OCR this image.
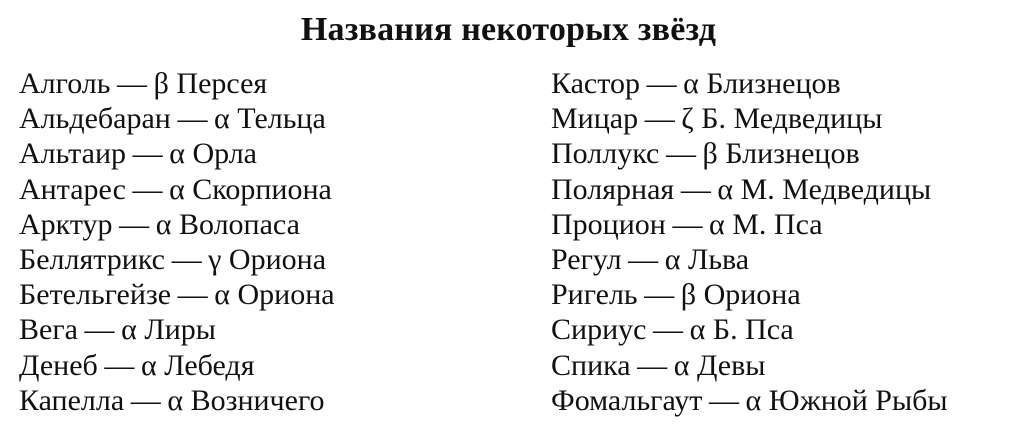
Названия некоторых звёзд
Алголь — β Персея
Альдебаран — α Тельца
Альтаир — α Орла
Антарес — α Скорпиона
Арктур — α Волопаса
Беллятрикс — γ Ориона
Бетельгейзе — α Ориона
Вега — α Лиры
Денеб — α Лебедя
Капелла — α Возничего
Кастор — α Близнецов
Мицар — ζ Б. Медведицы
Поллукс — β Близнецов
Полярная — α М. Медведицы
Процион — α М. Пса
Регул — α Льва
Ригель — β Ориона
Сириус — α Б. Пса
Спика — α Девы
Фомальгаут — α Южной Рыбы
